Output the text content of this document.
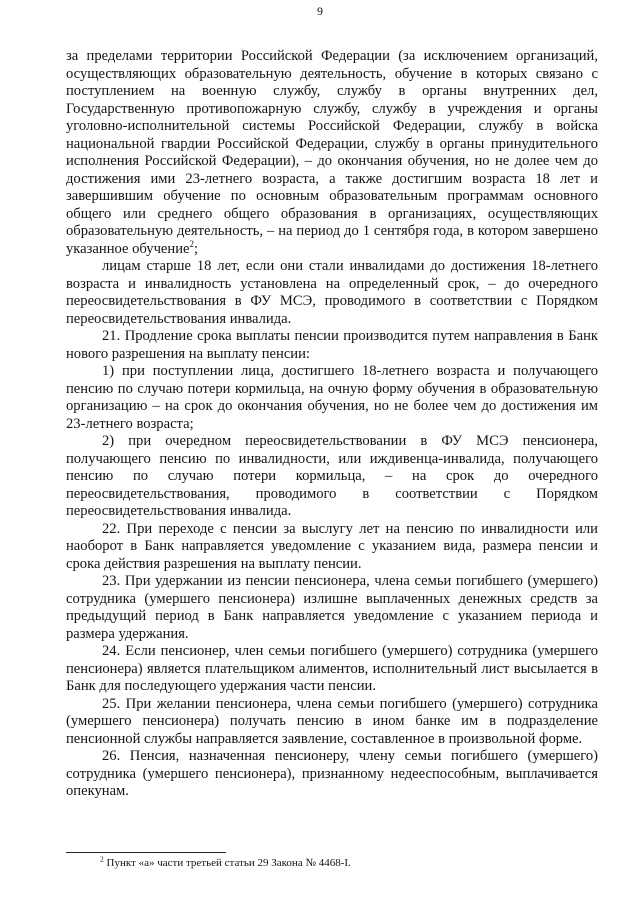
9

за пределами территории Российской Федерации (за исключением организаций, осуществляющих образовательную деятельность, обучение в которых связано с поступлением на военную службу, службу в органы внутренних дел, Государственную противопожарную службу, службу в учреждения и органы уголовно-исполнительной системы Российской Федерации, службу в войска национальной гвардии Российской Федерации, службу в органы принудительного исполнения Российской Федерации), – до окончания обучения, но не долее чем до достижения ими 23-летнего возраста, а также достигшим возраста 18 лет и завершившим обучение по основным образовательным программам основного общего или среднего общего образования в организациях, осуществляющих образовательную деятельность, – на период до 1 сентября года, в котором завершено указанное обучение$^2$;

лицам старше 18 лет, если они стали инвалидами до достижения 18-летнего возраста и инвалидность установлена на определенный срок, – до очередного переосвидетельствования в ФУ МСЭ, проводимого в соответствии с Порядком переосвидетельствования инвалида.

21. Продление срока выплаты пенсии производится путем направления в Банк нового разрешения на выплату пенсии:

1) при поступлении лица, достигшего 18-летнего возраста и получающего пенсию по случаю потери кормильца, на очную форму обучения в образовательную организацию – на срок до окончания обучения, но не более чем до достижения им 23-летнего возраста;

2) при очередном переосвидетельствовании в ФУ МСЭ пенсионера, получающего пенсию по инвалидности, или иждивенца-инвалида, получающего пенсию по случаю потери кормильца, – на срок до очередного переосвидетельствования, проводимого в соответствии с Порядком переосвидетельствования инвалида.

22. При переходе с пенсии за выслугу лет на пенсию по инвалидности или наоборот в Банк направляется уведомление с указанием вида, размера пенсии и срока действия разрешения на выплату пенсии.

23. При удержании из пенсии пенсионера, члена семьи погибшего (умершего) сотрудника (умершего пенсионера) излишне выплаченных денежных средств за предыдущий период в Банк направляется уведомление с указанием периода и размера удержания.

24. Если пенсионер, член семьи погибшего (умершего) сотрудника (умершего пенсионера) является плательщиком алиментов, исполнительный лист высылается в Банк для последующего удержания части пенсии.

25. При желании пенсионера, члена семьи погибшего (умершего) сотрудника (умершего пенсионера) получать пенсию в ином банке им в подразделение пенсионной службы направляется заявление, составленное в произвольной форме.

26. Пенсия, назначенная пенсионеру, члену семьи погибшего (умершего) сотрудника (умершего пенсионера), признанному недееспособным, выплачивается опекунам.

$^2$ Пункт «а» части третьей статьи 29 Закона № 4468-I.
